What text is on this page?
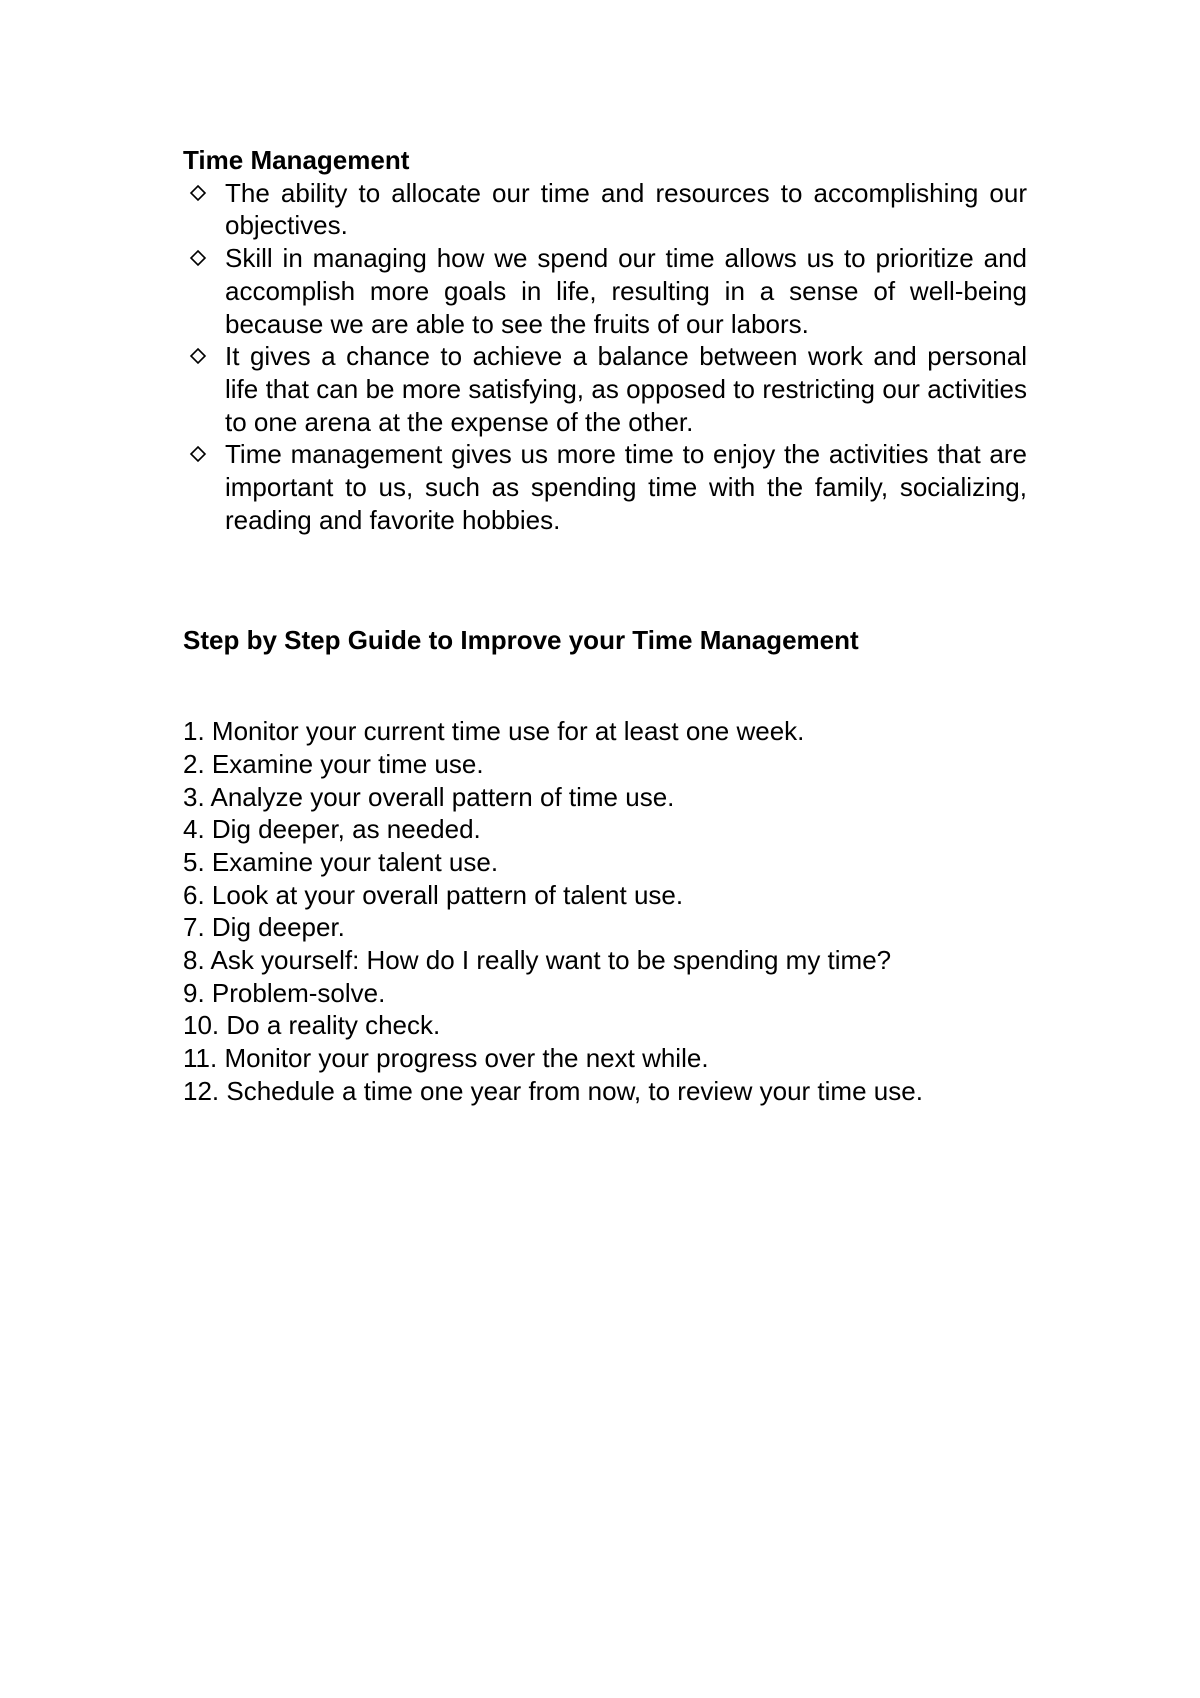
Time Management
The ability to allocate our time and resources to accomplishing our objectives.
Skill in managing how we spend our time allows us to prioritize and accomplish more goals in life, resulting in a sense of well-being because we are able to see the fruits of our labors.
It gives a chance to achieve a balance between work and personal life that can be more satisfying, as opposed to restricting our activities to one arena at the expense of the other.
Time management gives us more time to enjoy the activities that are important to us, such as spending time with the family, socializing, reading and favorite hobbies.
Step by Step Guide to Improve your Time Management
1. Monitor your current time use for at least one week.
2. Examine your time use.
3. Analyze your overall pattern of time use.
4. Dig deeper, as needed.
5. Examine your talent use.
6. Look at your overall pattern of talent use.
7. Dig deeper.
8. Ask yourself: How do I really want to be spending my time?
9. Problem-solve.
10. Do a reality check.
11. Monitor your progress over the next while.
12. Schedule a time one year from now, to review your time use.
